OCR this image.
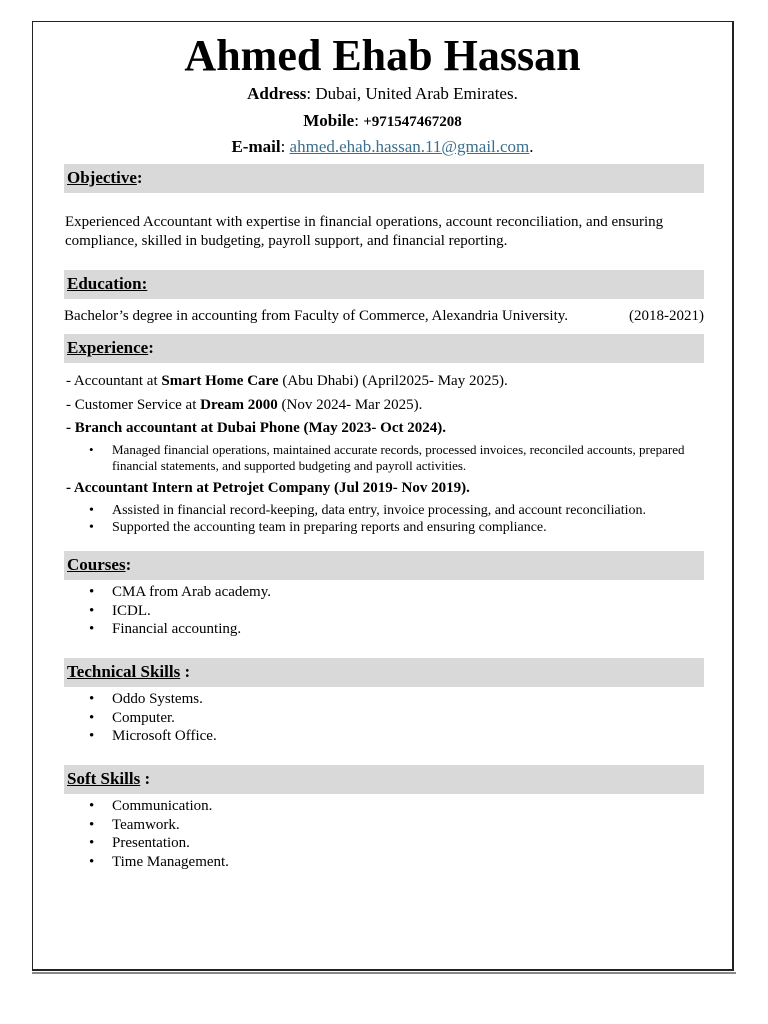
Ahmed Ehab Hassan
Address: Dubai, United Arab Emirates.
Mobile: +971547467208
E-mail: ahmed.ehab.hassan.11@gmail.com.
Objective:
Experienced Accountant with expertise in financial operations, account reconciliation, and ensuring compliance, skilled in budgeting, payroll support, and financial reporting.
Education:
Bachelor’s degree in accounting from Faculty of Commerce, Alexandria University.	(2018-2021)
Experience:
- Accountant at Smart Home Care (Abu Dhabi) (April2025- May 2025).
- Customer Service at Dream 2000 (Nov 2024- Mar 2025).
- Branch accountant at Dubai Phone (May 2023- Oct 2024).
• Managed financial operations, maintained accurate records, processed invoices, reconciled accounts, prepared financial statements, and supported budgeting and payroll activities.
- Accountant Intern at Petrojet Company (Jul 2019- Nov 2019).
• Assisted in financial record-keeping, data entry, invoice processing, and account reconciliation.
• Supported the accounting team in preparing reports and ensuring compliance.
Courses:
• CMA from Arab academy.
• ICDL.
• Financial accounting.
Technical Skills :
• Oddo Systems.
• Computer.
• Microsoft Office.
Soft Skills :
• Communication.
• Teamwork.
• Presentation.
• Time Management.
